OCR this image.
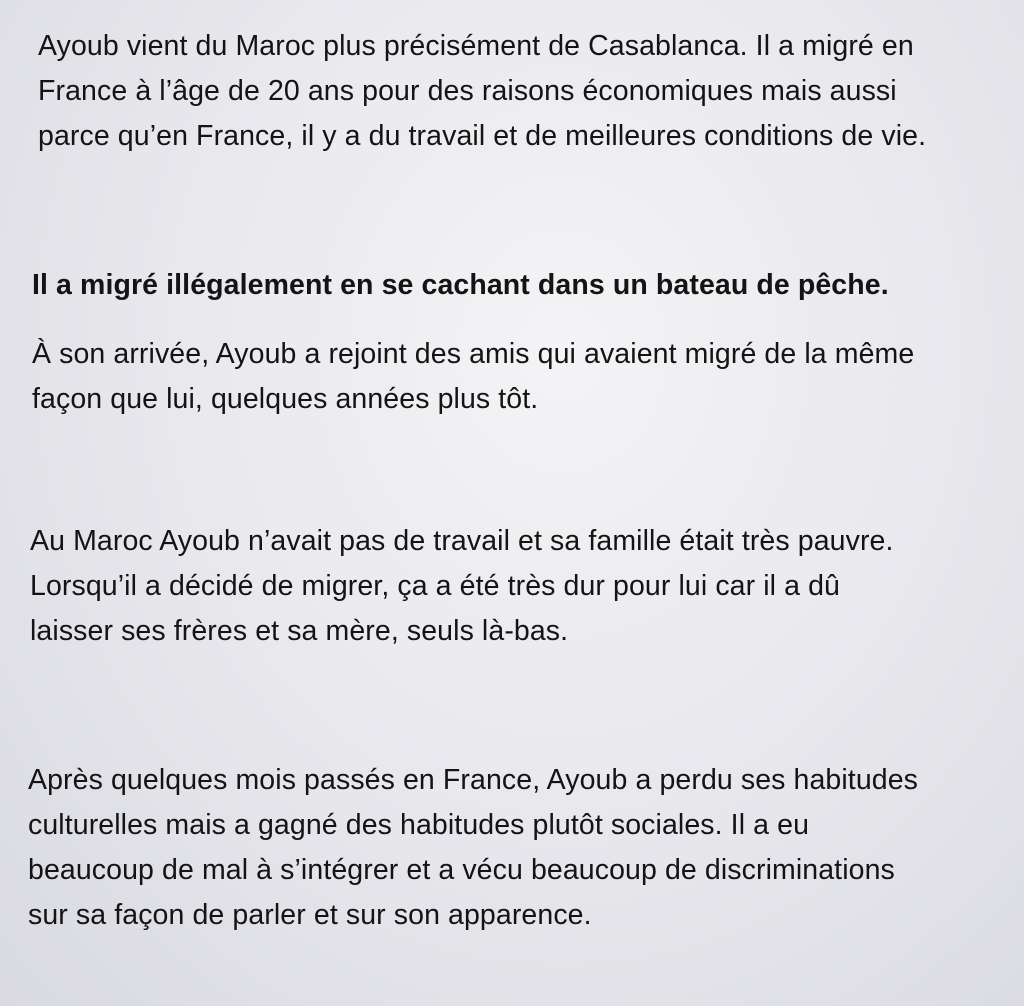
Ayoub vient du Maroc plus précisément de Casablanca. Il a migré en
France à l’âge de 20 ans pour des raisons économiques mais aussi
parce qu’en France, il y a du travail et de meilleures conditions de vie.

Il a migré illégalement en se cachant dans un bateau de pêche.

À son arrivée, Ayoub a rejoint des amis qui avaient migré de la même
façon que lui, quelques années plus tôt.

Au Maroc Ayoub n’avait pas de travail et sa famille était très pauvre.
Lorsqu’il a décidé de migrer, ça a été très dur pour lui car il a dû
laisser ses frères et sa mère, seuls là-bas.

Après quelques mois passés en France, Ayoub a perdu ses habitudes
culturelles mais a gagné des habitudes plutôt sociales. Il a eu
beaucoup de mal à s’intégrer et a vécu beaucoup de discriminations
sur sa façon de parler et sur son apparence.
